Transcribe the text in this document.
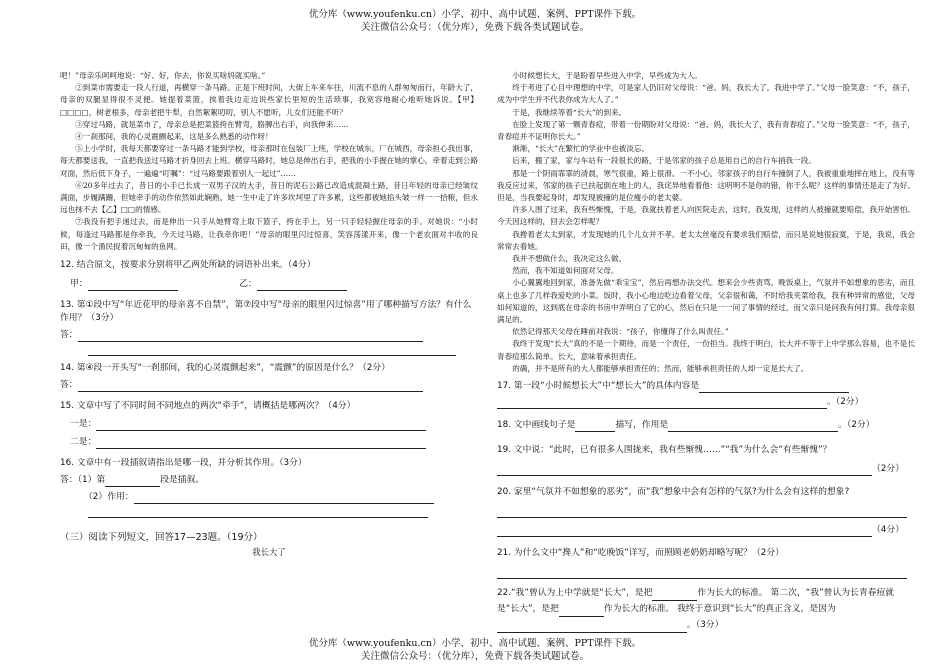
优分库（www.youfenku.cn）小学、初中、高中试题、案例、PPT课件下载。
关注微信公众号：（优分库），免费下载各类试题试卷。

吧！”母亲乐呵呵地说：“好、好，你去，你说买啥妈就买啥。”

②到菜市需要走一段人行道，再横穿一条马路。正是下班时间，大街上车来车往，川流不息的人群匆匆而行，年龄大了，母亲的双腿显得很不灵便。她提着菜篮，挨着我边走边说些家长里短的生活琐事，我宽容地耐心地听她诉说。【甲】□□□□，树老根多，母亲老把牛犁，自然絮絮叨叨，别人不愿听，儿女们还能不听？

③穿过马路，就是菜市了，母亲总是把菜篮挎在臂弯，胳膊出右手，向我伸来……

④一刹那间，我的心灵震颤起来，这是多么熟悉的动作呀！

⑤上小学时，我每天都要穿过一条马路才能到学校，母亲那时在包装厂上班，学校在城东，厂在城西，母亲担心我出事，每天都要送我，一直把我送过马路才折身回去上班。横穿马路时，她总是伸出右手，把我的小手握在她的掌心，牵着走到公路对面，然后低下身子，一遍遍“叮嘱”：“过马路要跟着别人一起过”……

⑥20多年过去了，昔日的小手已长成一双男子汉的大手，昔日的泥石公路已改造成混凝土路，昔日年轻的母亲已经皱纹满面，步履蹒跚，但她牵手的动作依然如此娴熟。她一生中走了许多坎坷里了许多累，这些都被她掐头皱一样一一拾粮，但永远也抹不去【乙】□□的情感。

⑦我没有把手递过去，而是伸出一只手从她臂弯上取下篮子，挎在手上，另一只手轻轻握住母亲的手。对她说：“小时候，每逢过马路都是你牵我，今天过马路，让我牵你吧！”母亲的眼里闪过惊喜，笑容荡漾开来，像一个老农面对丰收的良田，像一个渔民捉着沉甸甸的鱼网。

12. 结合原文，按要求分别将甲乙两处所缺的词语补出来。（4分）
甲：	乙：
13. 第①段中写“年近花甲的母亲喜不自禁”，第⑦段中写“母亲的眼里闪过惊喜”用了哪种描写方法？有什么作用？（3分）
答：
14. 第④段一开头写“一刹那间，我的心灵震颤起来”，“震颤”的原因是什么？（2分）
答：
15. 文章中写了不同时间不同地点的两次“牵手”，请概括是哪两次？（4分）
一是：
二是：
16. 文章中有一段插叙请指出是哪一段，并分析其作用。（3分）
答：（1）第	段是插叙。
（2）作用：
（三）阅读下列短文，回答17—23题。（19分）
我长大了

小时候想长大，于是盼着早些进入中学，早些成为大人。

终于考进了心目中理想的中学，可是家人仍旧对父母说：“爸、妈，我长大了，我进中学了。”父母一脸笑意：“不，孩子，成为中学生并不代表你成为大人了。”

于是，我继续等着“长大”的到来。

在脸上发现了第一颗青春痘，带着一份期盼对父母说：“爸、妈，我长大了，我有青春痘了。”父母一脸笑意：“不，孩子，青春痘并不证明你长大。”

渐渐，“长大”在繁忙的学业中也被淡忘。

后来，搬了家，家与车站有一段很长的路，于是邻家的孩子总是用自己的自行车捎我一段。

那是一个阴雨霏霏的清晨，寒气很重，路上很滑。一不小心，邻家孩子的自行车撞倒了人，我被重重地摔在地上，没有等我反应过来，邻家的孩子已扶起倒在地上的人，我诧异地看着他：这明明不是你的错，你干么呢？这样的事情还是走了为好。但是，当我要起身时，却发现被撞的是位瘦小的老太婆。

许多人围了过来，我有些惭愧，于是，我就扶着老人向医院走去，这时，我发现，这样的人被撞就要赔偿，我开始害怕。今天因这样的，回去会怎样呢？

我搀着老太太到家，才发现她的几个儿女并不孝。老太太丝毫没有要求我们赔偿，而只是说她很寂寞，于是，我说，我会常常去看她。

我并不想做什么，我决定这么做。

然而，我不知道如何面对父母。

小心翼翼地回到家，准备先做“乖宝宝”，然后再想办法交代。想来会少些责骂。晚饭桌上，气氛并不如想象的恶劣，而且桌上也多了几样我爱吃的小菜。饭时，我小心地边吃边看着父母，父亲很和蔼，不时给我夹菜给我，我有种异常的感觉，父母如何知道的，这到底在母亲的书房中弄明白了它的心，然后在只是一一问了事情的经过，而父亲只是问我有何打算。我母亲很满足的。

依然记得那天父母在睡前对我说：“孩子，你懂得了什么叫责任。”

我终于发现“长大”真的不是一个期待，而是一个责任，一份担当。我终于明白，长大并不等于上中学那么容易，也不是长青春痘那么简单。长大，意味着承担责任。

的确，并不是所有的大人都能够承担责任的；然而，能够承担责任的人却一定是长大了。

17. 第一段“小时候想长大”中“想长大”的具体内容是
。（2分）
18. 文中画线句子是	描写，作用是	。（2分）
19. 文中说：“此时，已有很多人围拢来，我有些惭愧……”“我”为什么会“有些惭愧”？
（2分）
20. 家里“气氛并不如想象的恶劣”，而“我”想象中会有怎样的气氛?为什么会有这样的想象?
（4分）
21. 为什么文中“搀人”和“吃晚饭”详写，而照顾老奶奶却略写呢？（2分）
22.“我”曾认为上中学就是“长大”，是把	作为长大的标准。 第二次，“我”曾认为长青春痘就是“长大”，是把	作为长大的标准。 我终于意识到“长大”的真正含义，是因为。（3分）
优分库（www.youfenku.cn）小学、初中、高中试题、案例、PPT课件下载。
关注微信公众号：（优分库），免费下载各类试题试卷。
